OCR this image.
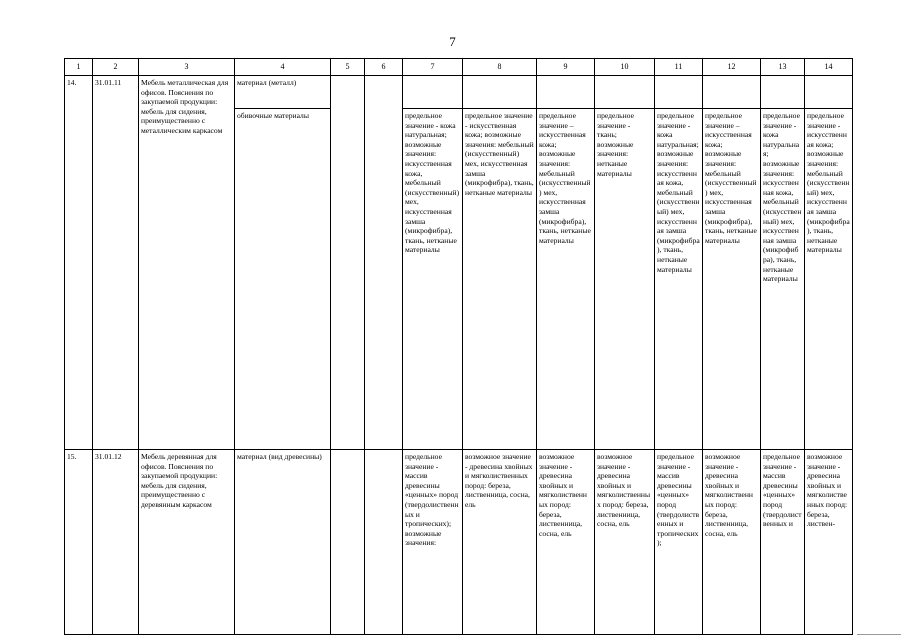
7
1	2	3	4	5	6	7	8	9	10	11	12	13	14
14.	31.01.11	Мебель металлическая для офисов. Пояснения по закупаемой продукции: мебель для сидения, преимущественно с металлическим каркасом	материал (металл)										
			обивочные материалы			предельное значение - кожа натуральная; возможные значения: искусственная кожа, мебельный (искусственный) мех, искусственная замша (микрофибра), ткань, нетканые материалы	предельное значение - искусственная кожа; возможные значения: мебельный (искусственный) мех, искусственная замша (микрофибра), ткань, нетканые материалы	предельное значение – искусственная кожа; возможные значения: мебельный (искусственный) мех, искусственная замша (микрофибра), ткань, нетканые материалы	предельное значение - ткань; возможные значения: нетканые материалы	предельное значение - кожа натуральная; возможные значения: искусственная кожа, мебельный (искусственный) мех, искусственная замша (микрофибра), ткань, нетканые материалы	предельное значение – искусственная кожа; возможные значения: мебельный (искусственный) мех, искусственная замша (микрофибра), ткань, нетканые материалы	предельное значение - кожа натуральная; возможные значения: искусственная кожа, мебельный (искусственный) мех, искусственная замша (микрофибра), ткань, нетканые материалы	предельное значение - искусственная кожа; возможные значения: мебельный (искусственный) мех, искусственная замша (микрофибра), ткань, нетканые материалы
15.	31.01.12	Мебель деревянная для офисов. Пояснения по закупаемой продукции: мебель для сидения, преимущественно с деревянным каркасом	материал (вид древесины)			предельное значение - массив древесины «ценных» пород (твердолиственных и тропических); возможные значения:	возможное значение - древесина хвойных и мягколиственных пород: береза, лиственница, сосна, ель	возможное значение - древесина хвойных и мягколиственных пород: береза, лиственница, сосна, ель	возможное значение - древесина хвойных и мягколиственных пород: береза, лиственница, сосна, ель	предельное значение - массив древесины «ценных» пород (твердолиственных и тропических);	возможное значение - древесина хвойных и мягколиственных пород: береза, лиственница, сосна, ель	предельное значение - массив древесины «ценных» пород (твердолиственных и	возможное значение - древесина хвойных и мягколиственных пород: береза, листвен-
